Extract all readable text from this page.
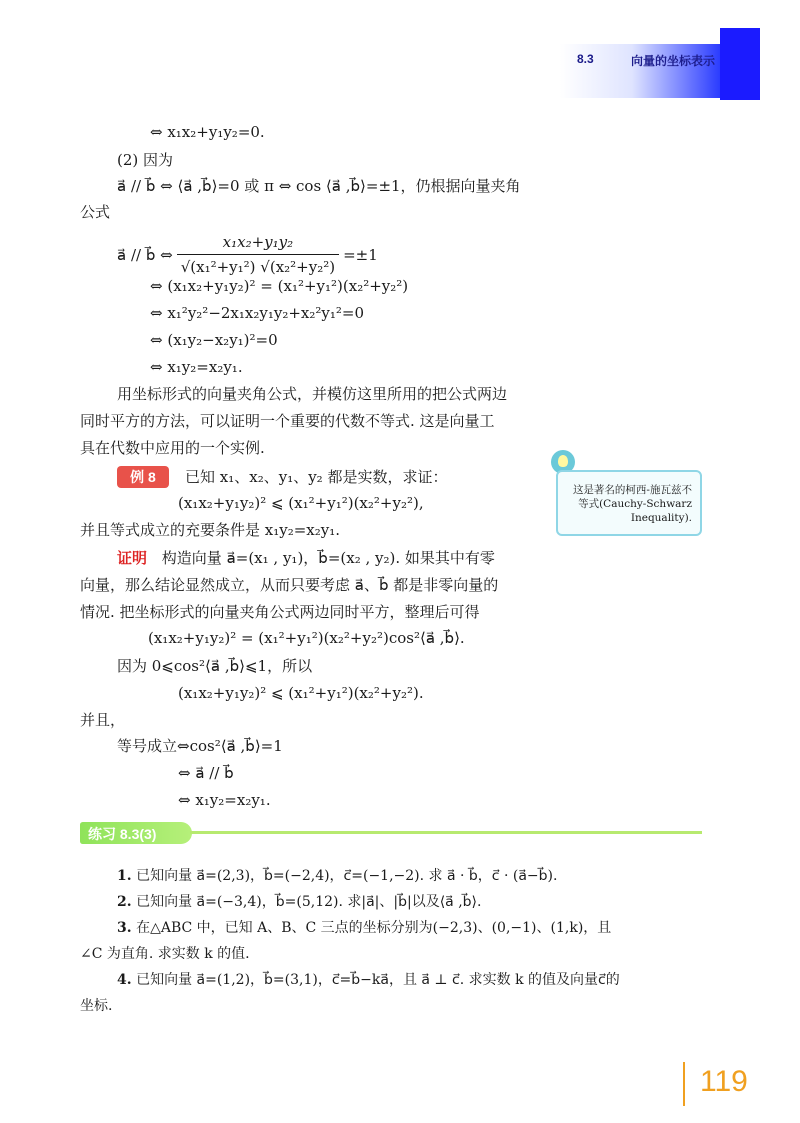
8.3	向量的坐标表示
⇔ x₁x₂+y₁y₂=0.
(2) 因为
a⃗ // b⃗ ⇔ ⟨a⃗ ,b⃗⟩=0 或 π ⇔ cos ⟨a⃗ ,b⃗⟩=±1，仍根据向量夹角
公式
a⃗ // b⃗ ⇔ $\frac{\text{x₁x₂+y₁y₂}}{\text{√(x₁²+y₁²) √(x₂²+y₂²)}} =\pm 1$
⇔ (x₁x₂+y₁y₂)² = (x₁²+y₁²)(x₂²+y₂²)
⇔ x₁²y₂²−2x₁x₂y₁y₂+x₂²y₁²=0
⇔ (x₁y₂−x₂y₁)²=0
⇔ x₁y₂=x₂y₁.
用坐标形式的向量夹角公式，并模仿这里所用的把公式两边
同时平方的方法，可以证明一个重要的代数不等式. 这是向量工
具在代数中应用的一个实例.
例 8	已知 x₁、x₂、y₁、y₂ 都是实数，求证：
(x₁x₂+y₁y₂)² ⩽ (x₁²+y₁²)(x₂²+y₂²),
并且等式成立的充要条件是 x₁y₂=x₂y₁.
这是著名的柯西-施瓦兹不等式(Cauchy-Schwarz Inequality).
证明 构造向量 a⃗=(x₁ , y₁)，b⃗=(x₂ , y₂). 如果其中有零
向量，那么结论显然成立，从而只要考虑 a⃗、b⃗ 都是非零向量的
情况. 把坐标形式的向量夹角公式两边同时平方，整理后可得
(x₁x₂+y₁y₂)² = (x₁²+y₁²)(x₂²+y₂²)cos²⟨a⃗ ,b⃗⟩.
因为 0⩽cos²⟨a⃗ ,b⃗⟩⩽1，所以
(x₁x₂+y₁y₂)² ⩽ (x₁²+y₁²)(x₂²+y₂²).
并且，
等号成立⇔cos²⟨a⃗ ,b⃗⟩=1
⇔ a⃗ // b⃗
⇔ x₁y₂=x₂y₁.
练习 8.3(3)
1. 已知向量 a⃗=(2,3)，b⃗=(−2,4)，c⃗=(−1,−2). 求 a⃗ · b⃗，c⃗ · (a⃗−b⃗).
2. 已知向量 a⃗=(−3,4)，b⃗=(5,12). 求|a⃗|、|b⃗|以及⟨a⃗ ,b⃗⟩.
3. 在△ABC 中，已知 A、B、C 三点的坐标分别为(−2,3)、(0,−1)、(1,k)，且
∠C 为直角. 求实数 k 的值.
4. 已知向量 a⃗=(1,2)，b⃗=(3,1)，c⃗=b⃗−ka⃗，且 a⃗ ⊥ c⃗. 求实数 k 的值及向量c⃗的
坐标.
119
